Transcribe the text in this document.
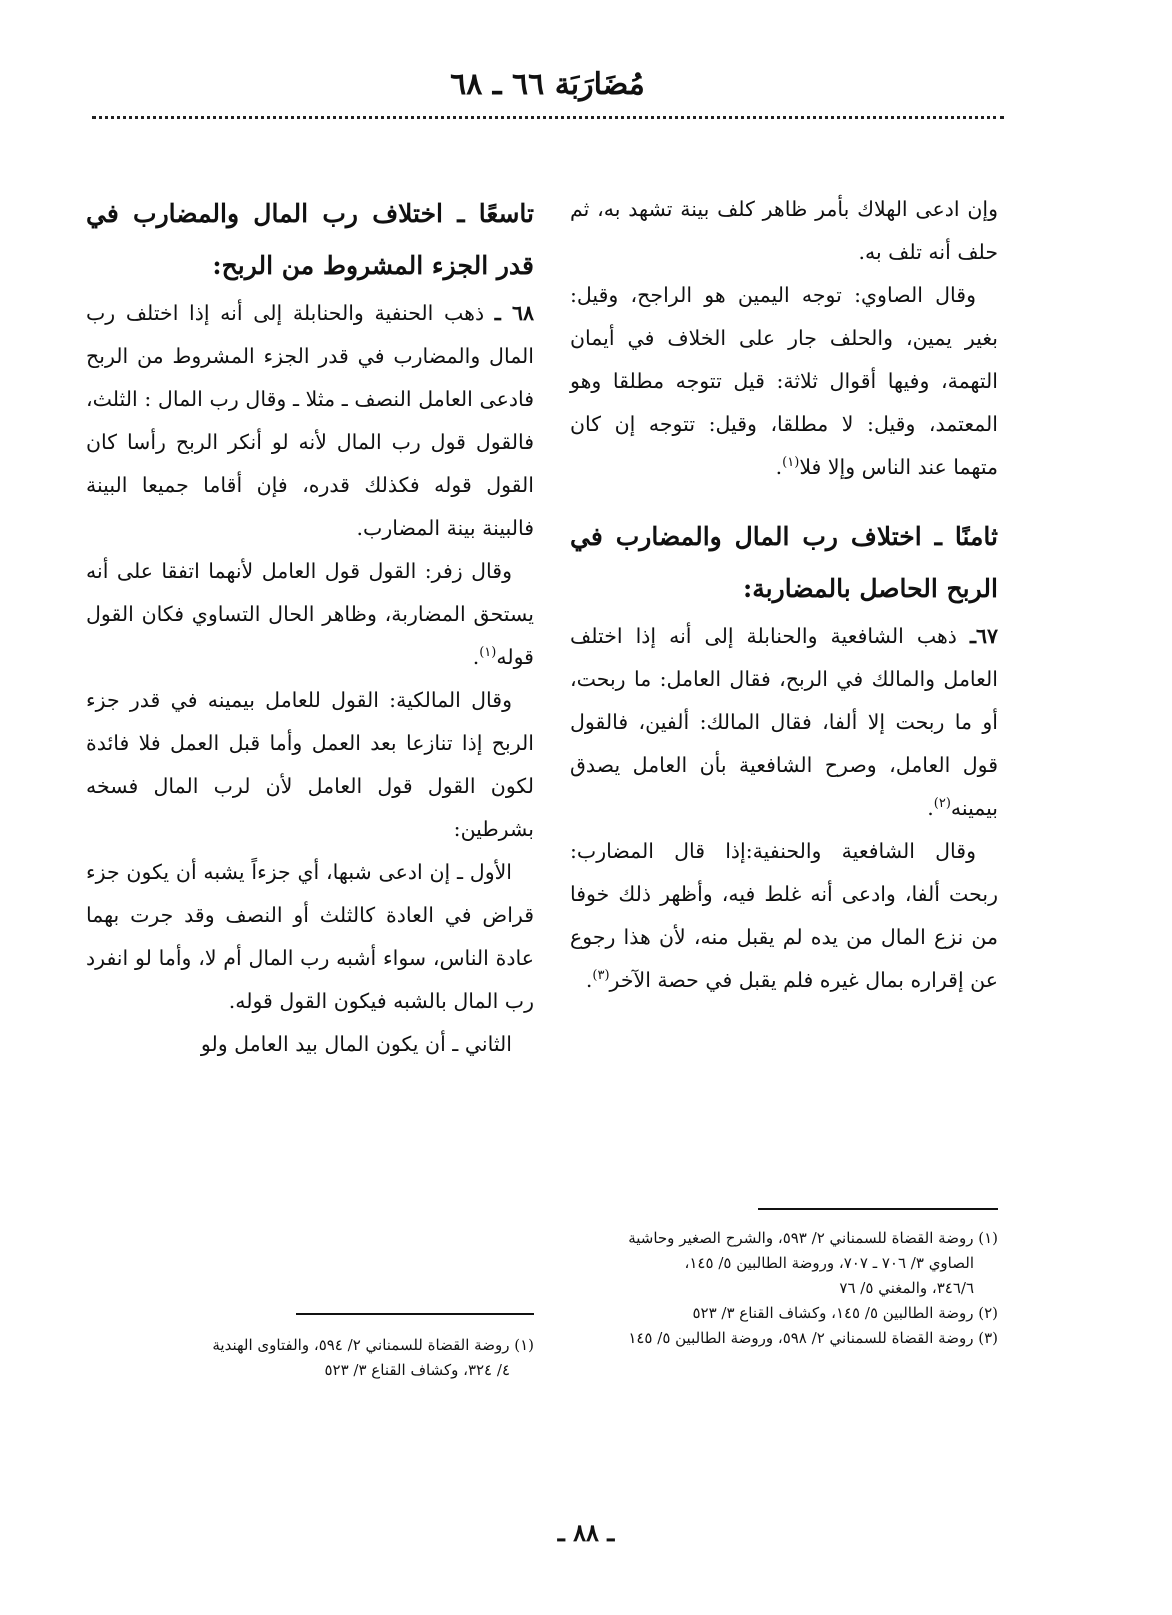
مُضَارَبَة ٦٦ ـ ٦٨

وإن ادعى الهلاك بأمر ظاهر كلف بينة تشهد به، ثم حلف أنه تلف به.

وقال الصاوي: توجه اليمين هو الراجح، وقيل: بغير يمين، والحلف جار على الخلاف في أيمان التهمة، وفيها أقوال ثلاثة: قيل تتوجه مطلقا وهو المعتمد، وقيل: لا مطلقا، وقيل: تتوجه إن كان متهما عند الناس وإلا فلا$^{(١)}$.

ثامنًا ـ اختلاف رب المال والمضارب في الربح الحاصل بالمضاربة:

٦٧ـ ذهب الشافعية والحنابلة إلى أنه إذا اختلف العامل والمالك في الربح، فقال العامل: ما ربحت، أو ما ربحت إلا ألفا، فقال المالك: ألفين، فالقول قول العامل، وصرح الشافعية بأن العامل يصدق بيمينه$^{(٢)}$.

وقال الشافعية والحنفية:إذا قال المضارب: ربحت ألفا، وادعى أنه غلط فيه، وأظهر ذلك خوفا من نزع المال من يده لم يقبل منه، لأن هذا رجوع عن إقراره بمال غيره فلم يقبل في حصة الآخر$^{(٣)}$.

تاسعًا ـ اختلاف رب المال والمضارب في قدر الجزء المشروط من الربح:

٦٨ ـ ذهب الحنفية والحنابلة إلى أنه إذا اختلف رب المال والمضارب في قدر الجزء المشروط من الربح فادعى العامل النصف ـ مثلا ـ وقال رب المال : الثلث، فالقول قول رب المال لأنه لو أنكر الربح رأسا كان القول قوله فكذلك قدره، فإن أقاما جميعا البينة فالبينة بينة المضارب.

وقال زفر: القول قول العامل لأنهما اتفقا على أنه يستحق المضاربة، وظاهر الحال التساوي فكان القول قوله$^{(١)}$.

وقال المالكية: القول للعامل بيمينه في قدر جزء الربح إذا تنازعا بعد العمل وأما قبل العمل فلا فائدة لكون القول قول العامل لأن لرب المال فسخه بشرطين:

الأول ـ إن ادعى شبها، أي جزءاً يشبه أن يكون جزء قراض في العادة كالثلث أو النصف وقد جرت بهما عادة الناس، سواء أشبه رب المال أم لا، وأما لو انفرد رب المال بالشبه فيكون القول قوله.

الثاني ـ أن يكون المال بيد العامل ولو

(١) روضة القضاة للسمناني ٢/ ٥٩٣، والشرح الصغير وحاشية

الصاوي ٣/ ٧٠٦ ـ ٧٠٧، وروضة الطالبين ٥/ ١٤٥،

٣٤٦/٦، والمغني ٥/ ٧٦

(٢) روضة الطالبين ٥/ ١٤٥، وكشاف القناع ٣/ ٥٢٣

(٣) روضة القضاة للسمناني ٢/ ٥٩٨، وروضة الطالبين ٥/ ١٤٥

(١) روضة القضاة للسمناني ٢/ ٥٩٤، والفتاوى الهندية

٤/ ٣٢٤، وكشاف القناع ٣/ ٥٢٣

ـ ٨٨ ـ
